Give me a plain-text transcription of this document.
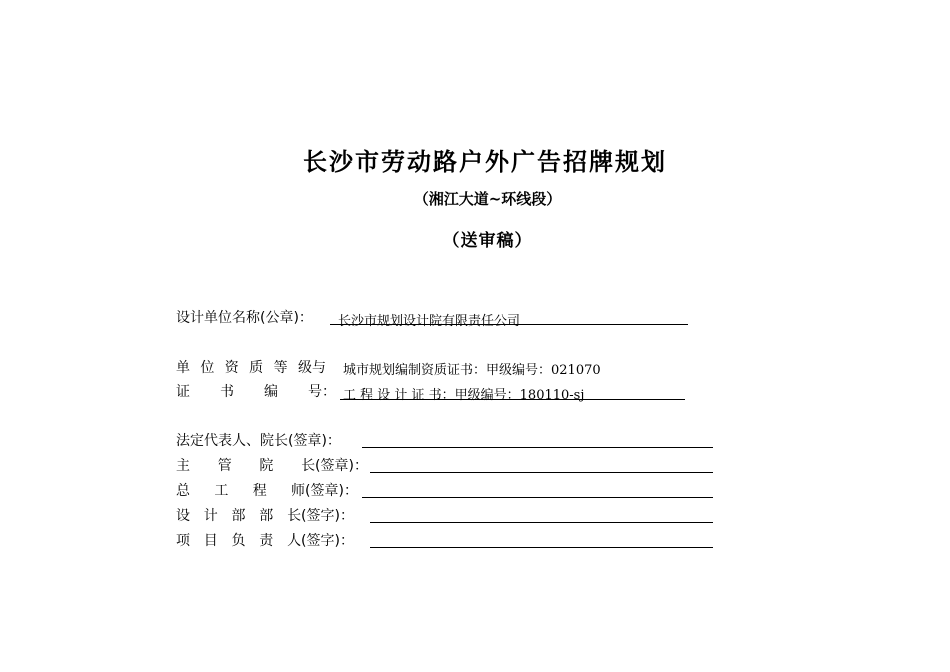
长沙市劳动路户外广告招牌规划
（湘江大道~环线段）
（送审稿）
设计单位名称(公章)： 长沙市规划设计院有限责任公司
单 位 资 质 等 级与 城市规划编制资质证书：甲级编号：021070
证 书 编 号： 工 程 设 计 证 书：甲级编号：180110-sj
法定代表人、院长(签章)：
主 管 院 长(签章)：
总 工 程 师(签章)：
设 计 部 部 长(签字)：
项 目 负 责 人(签字)：
